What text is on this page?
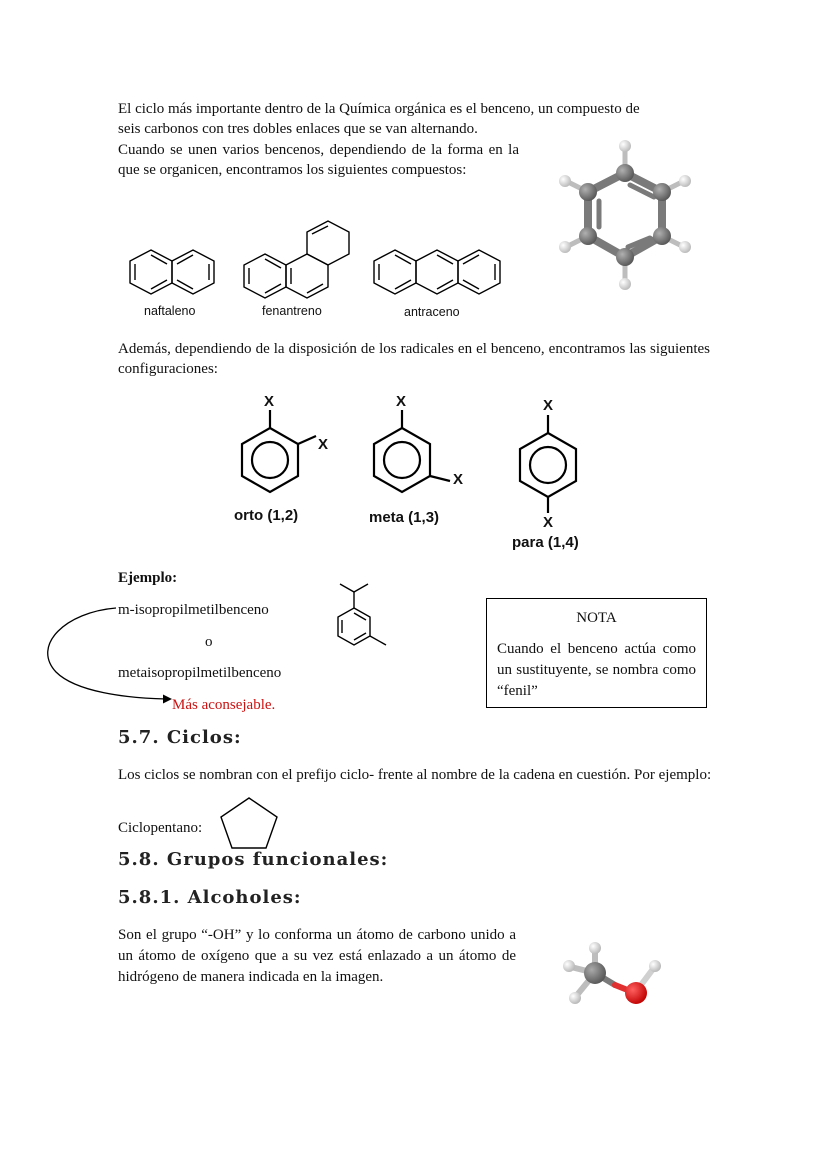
El ciclo más importante dentro de la Química orgánica es el benceno, un compuesto de
seis carbonos con tres dobles enlaces que se van alternando.
Cuando se unen varios bencenos, dependiendo de la forma en la que se organicen, encontramos los siguientes compuestos:
naftaleno	fenantreno	antraceno
Además, dependiendo de la disposición de los radicales en el benceno, encontramos las siguientes configuraciones:
X
X
orto (1,2)
X
X
meta (1,3)
X
X
para (1,4)
Ejemplo:
m-isopropilmetilbenceno
o
metaisopropilmetilbenceno
Más aconsejable.
NOTA
Cuando el benceno actúa como un sustituyente, se nombra como “fenil”
5.7. Ciclos:
Los ciclos se nombran con el prefijo ciclo- frente al nombre de la cadena en cuestión. Por ejemplo:
Ciclopentano:
5.8. Grupos funcionales:
5.8.1. Alcoholes:
Son el grupo “-OH” y lo conforma un átomo de carbono unido a un átomo de oxígeno que a su vez está enlazado a un átomo de hidrógeno de manera indicada en la imagen.
